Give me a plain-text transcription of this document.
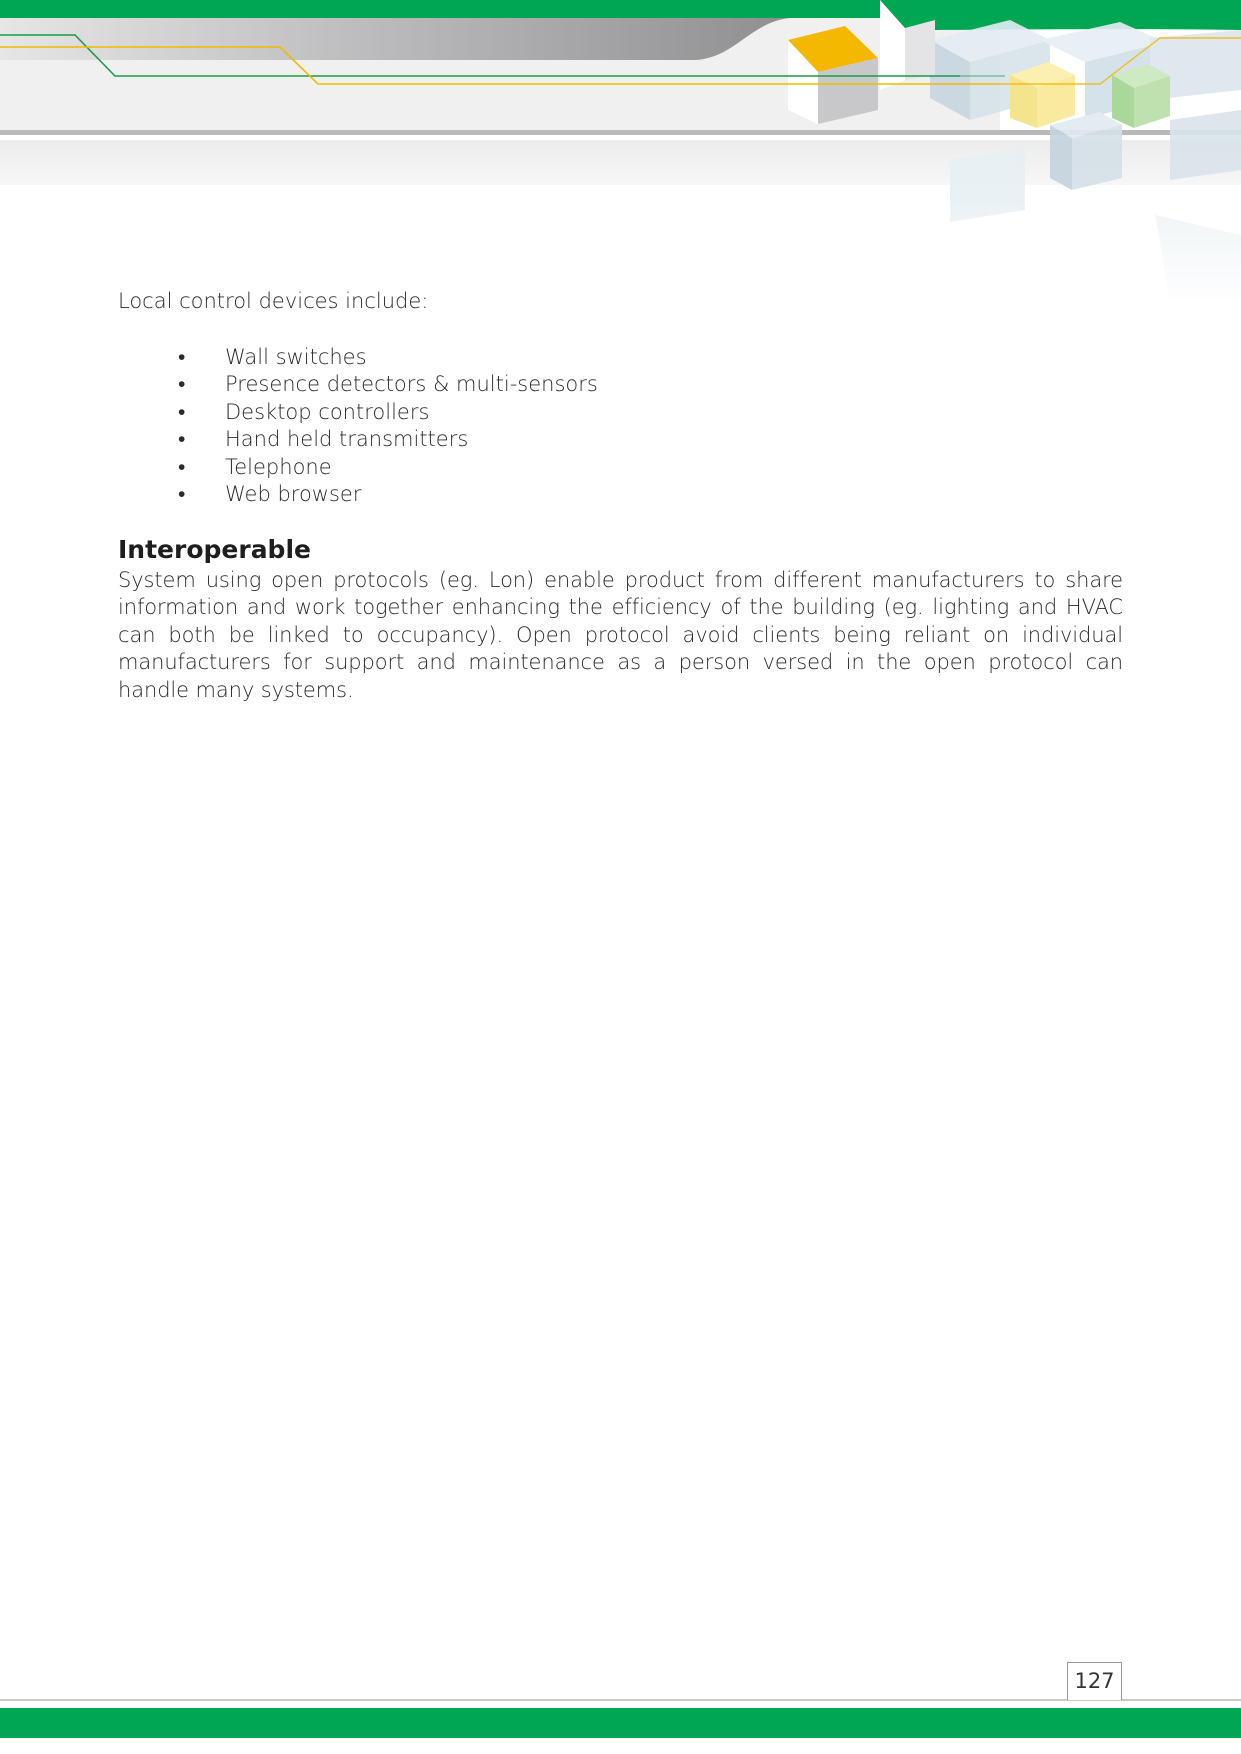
Local control devices include:

• Wall switches
• Presence detectors & multi-sensors
• Desktop controllers
• Hand held transmitters
• Telephone
• Web browser
Interoperable

System using open protocols (eg. Lon) enable product from different manufacturers to share information and work together enhancing the efficiency of the building (eg. lighting and HVAC can both be linked to occupancy). Open protocol avoid clients being reliant on individual manufacturers for support and maintenance as a person versed in the open protocol can handle many systems.

127
